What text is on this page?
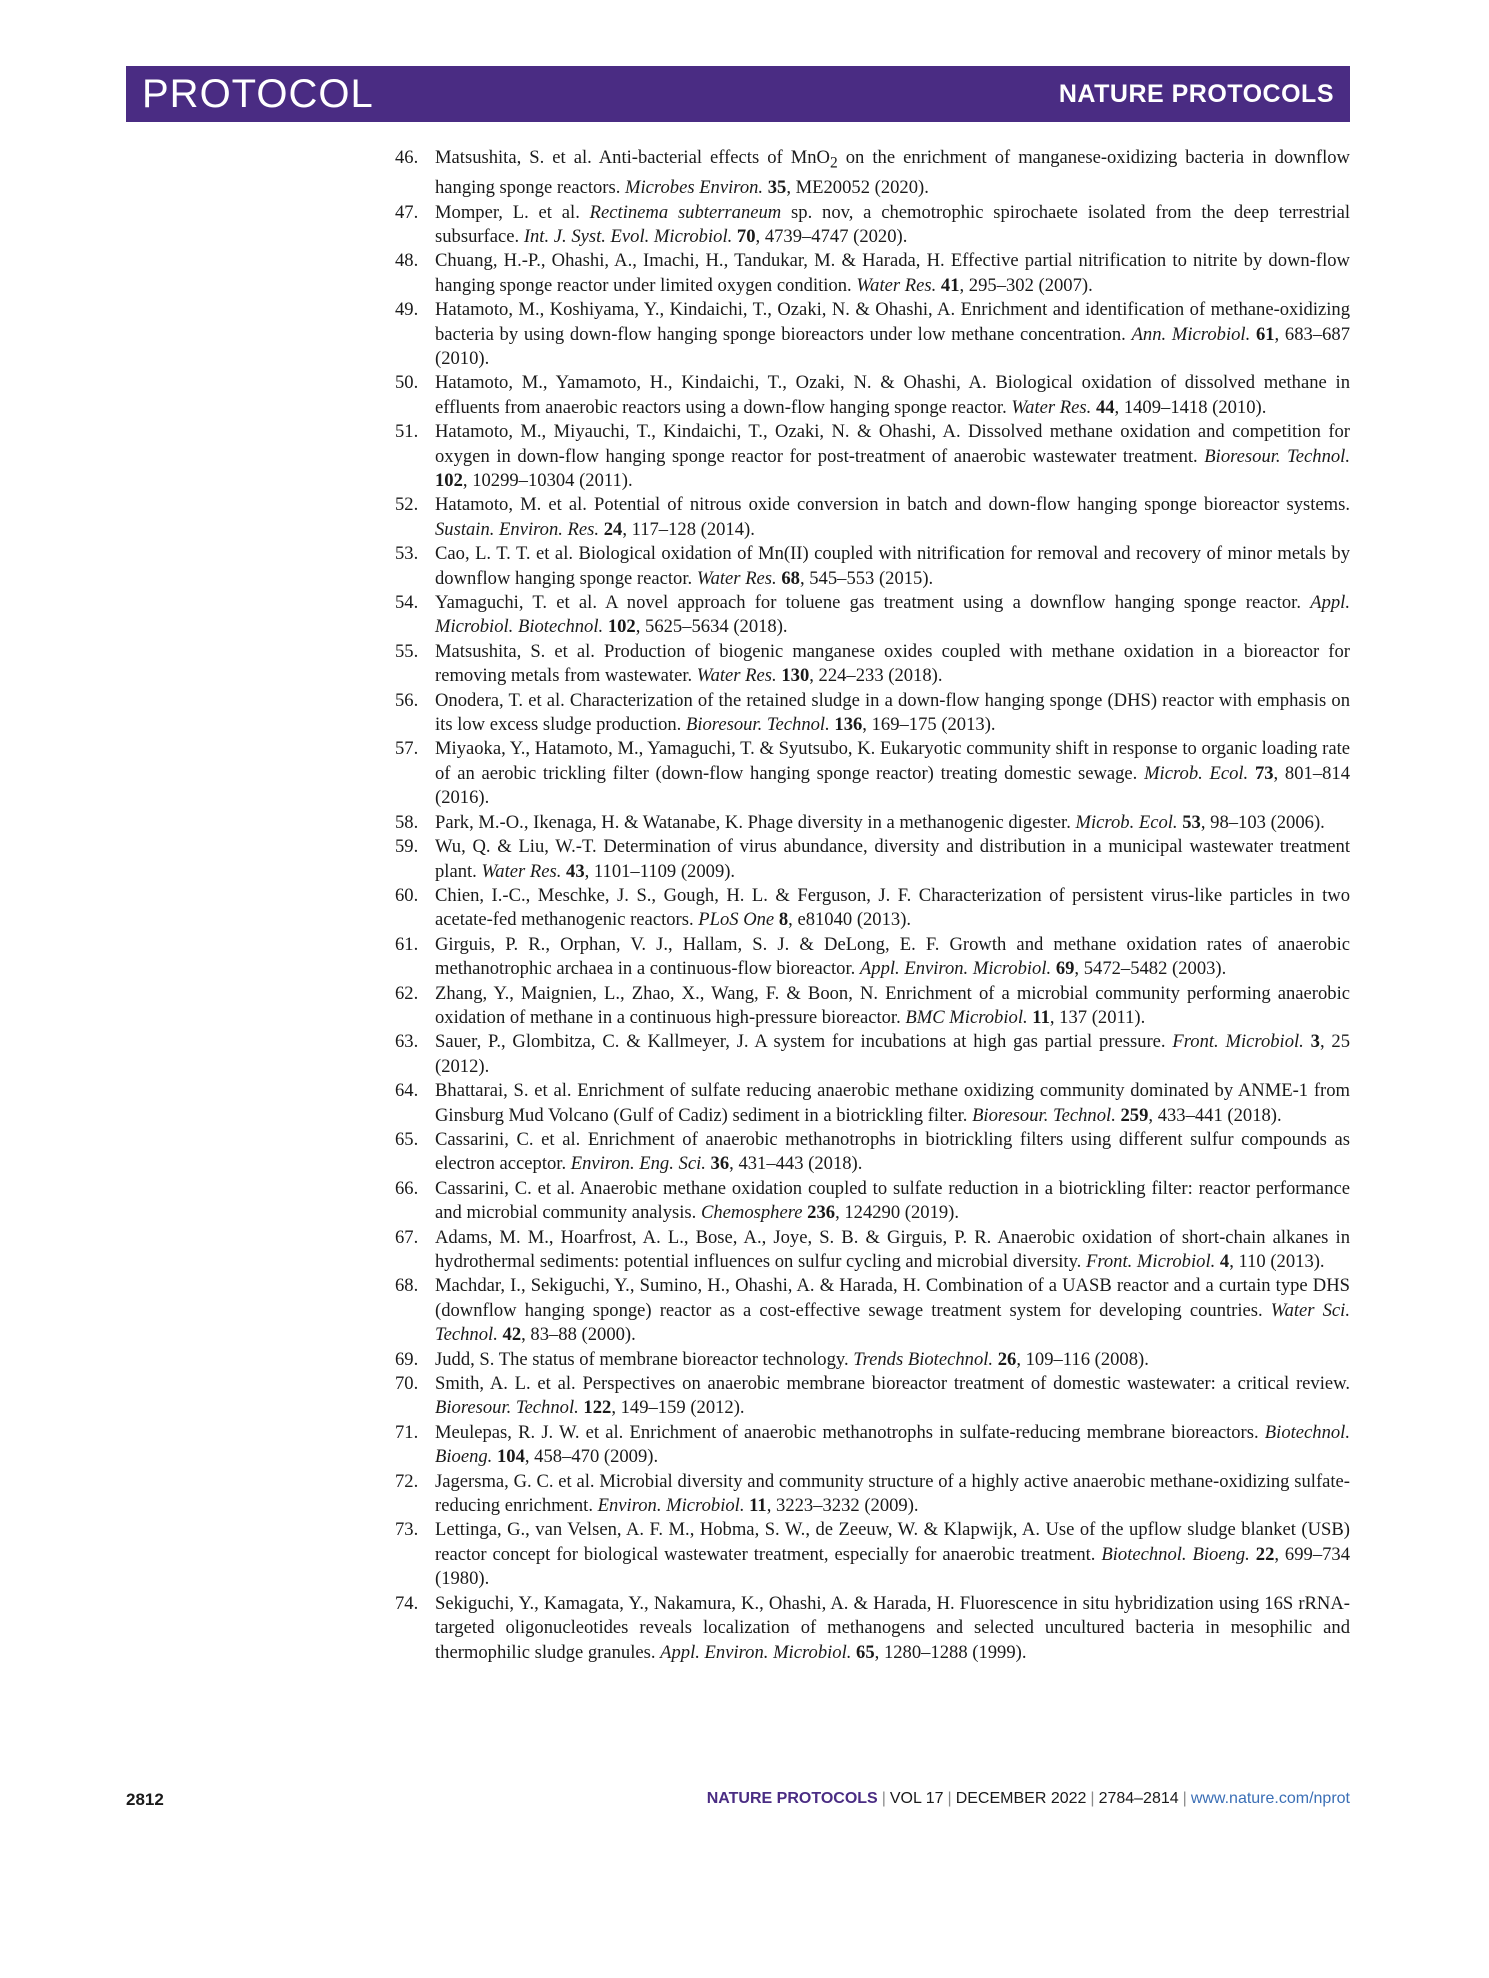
PROTOCOL	NATURE PROTOCOLS
46. Matsushita, S. et al. Anti-bacterial effects of MnO$_2$ on the enrichment of manganese-oxidizing bacteria in downflow hanging sponge reactors. Microbes Environ. 35, ME20052 (2020).
47. Momper, L. et al. Rectinema subterraneum sp. nov, a chemotrophic spirochaete isolated from the deep terrestrial subsurface. Int. J. Syst. Evol. Microbiol. 70, 4739–4747 (2020).
48. Chuang, H.-P., Ohashi, A., Imachi, H., Tandukar, M. & Harada, H. Effective partial nitrification to nitrite by down-flow hanging sponge reactor under limited oxygen condition. Water Res. 41, 295–302 (2007).
49. Hatamoto, M., Koshiyama, Y., Kindaichi, T., Ozaki, N. & Ohashi, A. Enrichment and identification of methane-oxidizing bacteria by using down-flow hanging sponge bioreactors under low methane concentration. Ann. Microbiol. 61, 683–687 (2010).
50. Hatamoto, M., Yamamoto, H., Kindaichi, T., Ozaki, N. & Ohashi, A. Biological oxidation of dissolved methane in effluents from anaerobic reactors using a down-flow hanging sponge reactor. Water Res. 44, 1409–1418 (2010).
51. Hatamoto, M., Miyauchi, T., Kindaichi, T., Ozaki, N. & Ohashi, A. Dissolved methane oxidation and competition for oxygen in down-flow hanging sponge reactor for post-treatment of anaerobic wastewater treatment. Bioresour. Technol. 102, 10299–10304 (2011).
52. Hatamoto, M. et al. Potential of nitrous oxide conversion in batch and down-flow hanging sponge bioreactor systems. Sustain. Environ. Res. 24, 117–128 (2014).
53. Cao, L. T. T. et al. Biological oxidation of Mn(II) coupled with nitrification for removal and recovery of minor metals by downflow hanging sponge reactor. Water Res. 68, 545–553 (2015).
54. Yamaguchi, T. et al. A novel approach for toluene gas treatment using a downflow hanging sponge reactor. Appl. Microbiol. Biotechnol. 102, 5625–5634 (2018).
55. Matsushita, S. et al. Production of biogenic manganese oxides coupled with methane oxidation in a bioreactor for removing metals from wastewater. Water Res. 130, 224–233 (2018).
56. Onodera, T. et al. Characterization of the retained sludge in a down-flow hanging sponge (DHS) reactor with emphasis on its low excess sludge production. Bioresour. Technol. 136, 169–175 (2013).
57. Miyaoka, Y., Hatamoto, M., Yamaguchi, T. & Syutsubo, K. Eukaryotic community shift in response to organic loading rate of an aerobic trickling filter (down-flow hanging sponge reactor) treating domestic sewage. Microb. Ecol. 73, 801–814 (2016).
58. Park, M.-O., Ikenaga, H. & Watanabe, K. Phage diversity in a methanogenic digester. Microb. Ecol. 53, 98–103 (2006).
59. Wu, Q. & Liu, W.-T. Determination of virus abundance, diversity and distribution in a municipal wastewater treatment plant. Water Res. 43, 1101–1109 (2009).
60. Chien, I.-C., Meschke, J. S., Gough, H. L. & Ferguson, J. F. Characterization of persistent virus-like particles in two acetate-fed methanogenic reactors. PLoS One 8, e81040 (2013).
61. Girguis, P. R., Orphan, V. J., Hallam, S. J. & DeLong, E. F. Growth and methane oxidation rates of anaerobic methanotrophic archaea in a continuous-flow bioreactor. Appl. Environ. Microbiol. 69, 5472–5482 (2003).
62. Zhang, Y., Maignien, L., Zhao, X., Wang, F. & Boon, N. Enrichment of a microbial community performing anaerobic oxidation of methane in a continuous high-pressure bioreactor. BMC Microbiol. 11, 137 (2011).
63. Sauer, P., Glombitza, C. & Kallmeyer, J. A system for incubations at high gas partial pressure. Front. Microbiol. 3, 25 (2012).
64. Bhattarai, S. et al. Enrichment of sulfate reducing anaerobic methane oxidizing community dominated by ANME-1 from Ginsburg Mud Volcano (Gulf of Cadiz) sediment in a biotrickling filter. Bioresour. Technol. 259, 433–441 (2018).
65. Cassarini, C. et al. Enrichment of anaerobic methanotrophs in biotrickling filters using different sulfur compounds as electron acceptor. Environ. Eng. Sci. 36, 431–443 (2018).
66. Cassarini, C. et al. Anaerobic methane oxidation coupled to sulfate reduction in a biotrickling filter: reactor performance and microbial community analysis. Chemosphere 236, 124290 (2019).
67. Adams, M. M., Hoarfrost, A. L., Bose, A., Joye, S. B. & Girguis, P. R. Anaerobic oxidation of short-chain alkanes in hydrothermal sediments: potential influences on sulfur cycling and microbial diversity. Front. Microbiol. 4, 110 (2013).
68. Machdar, I., Sekiguchi, Y., Sumino, H., Ohashi, A. & Harada, H. Combination of a UASB reactor and a curtain type DHS (downflow hanging sponge) reactor as a cost-effective sewage treatment system for developing countries. Water Sci. Technol. 42, 83–88 (2000).
69. Judd, S. The status of membrane bioreactor technology. Trends Biotechnol. 26, 109–116 (2008).
70. Smith, A. L. et al. Perspectives on anaerobic membrane bioreactor treatment of domestic wastewater: a critical review. Bioresour. Technol. 122, 149–159 (2012).
71. Meulepas, R. J. W. et al. Enrichment of anaerobic methanotrophs in sulfate-reducing membrane bioreactors. Biotechnol. Bioeng. 104, 458–470 (2009).
72. Jagersma, G. C. et al. Microbial diversity and community structure of a highly active anaerobic methane-oxidizing sulfate-reducing enrichment. Environ. Microbiol. 11, 3223–3232 (2009).
73. Lettinga, G., van Velsen, A. F. M., Hobma, S. W., de Zeeuw, W. & Klapwijk, A. Use of the upflow sludge blanket (USB) reactor concept for biological wastewater treatment, especially for anaerobic treatment. Biotechnol. Bioeng. 22, 699–734 (1980).
74. Sekiguchi, Y., Kamagata, Y., Nakamura, K., Ohashi, A. & Harada, H. Fluorescence in situ hybridization using 16S rRNA-targeted oligonucleotides reveals localization of methanogens and selected uncultured bacteria in mesophilic and thermophilic sludge granules. Appl. Environ. Microbiol. 65, 1280–1288 (1999).
2812	NATURE PROTOCOLS | VOL 17 | DECEMBER 2022 | 2784–2814 | www.nature.com/nprot
